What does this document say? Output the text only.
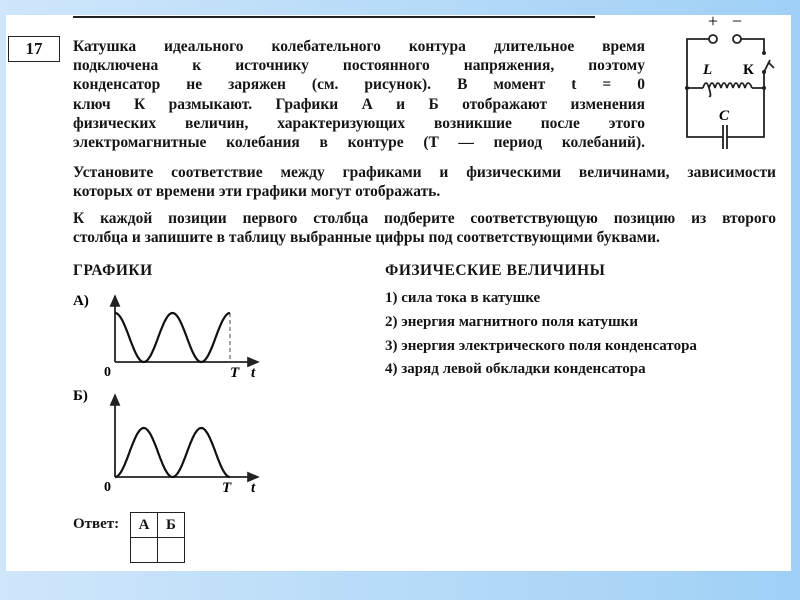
17	Катушка идеального колебательного контура длительное время
подключена к источнику постоянного напряжения, поэтому
конденсатор не заряжен (см. рисунок). В момент t = 0
ключ К размыкают. Графики А и Б отображают изменения
физических величин, характеризующих возникшие после этого
электромагнитные колебания в контуре (T — период колебаний).
Установите соответствие между графиками и физическими величинами, зависимости
которых от времени эти графики могут отображать.
К каждой позиции первого столбца подберите соответствующую позицию из второго
столбца и запишите в таблицу выбранные цифры под соответствующими буквами.
+ −
L К
C
ГРАФИКИ	ФИЗИЧЕСКИЕ ВЕЛИЧИНЫ
1) сила тока в катушке
2) энергия магнитного поля катушки
3) энергия электрического поля конденсатора
4) заряд левой обкладки конденсатора
А)
0	T t
Б)
0	T t
Ответ: А	Б
